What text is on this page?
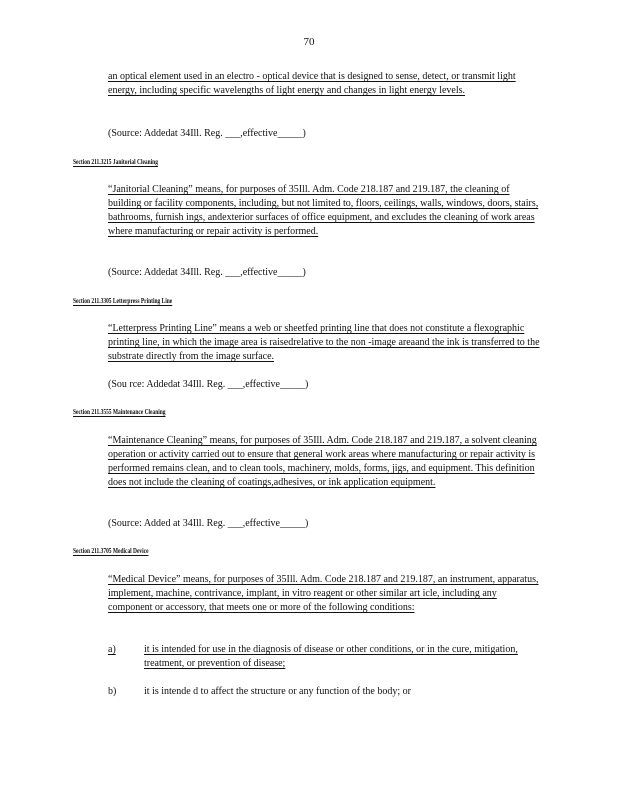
70
an optical element used in an electro - optical device that is designed to sense, detect, or transmit light energy, including specific wavelengths of light energy and changes in light energy levels.
(Source: Addedat 34Ill. Reg. ___,effective_____)
Section 211.3215 Janitorial Cleaning
“Janitorial Cleaning” means, for purposes of 35Ill. Adm. Code 218.187 and 219.187, the cleaning of building or facility components, including, but not limited to, floors, ceilings, walls, windows, doors, stairs, bathrooms, furnish ings, andexterior surfaces of office equipment, and excludes the cleaning of work areas where manufacturing or repair activity is performed.
(Source: Addedat 34Ill. Reg. ___,effective_____)
Section 211.3305 Letterpress Printing Line
“Letterpress Printing Line” means a web or sheetfed printing line that does not constitute a flexographic printing line, in which the image area is raisedrelative to the non -image areaand the ink is transferred to the substrate directly from the image surface.
(Sou rce: Addedat 34Ill. Reg. ___,effective_____)
Section 211.3555 Maintenance Cleaning
“Maintenance Cleaning” means, for purposes of 35Ill. Adm. Code 218.187 and 219.187, a solvent cleaning operation or activity carried out to ensure that general work areas where manufacturing or repair activity is performed remains clean, and to clean tools, machinery, molds, forms, jigs, and equipment. This definition does not include the cleaning of coatings,adhesives, or ink application equipment.
(Source: Added at 34Ill. Reg. ___,effective_____)
Section 211.3705 Medical Device
“Medical Device” means, for purposes of 35Ill. Adm. Code 218.187 and 219.187, an instrument, apparatus, implement, machine, contrivance, implant, in vitro reagent or other similar art icle, including any component or accessory, that meets one or more of the following conditions:
a)	it is intended for use in the diagnosis of disease or other conditions, or in the cure, mitigation, treatment, or prevention of disease;
b)	it is intende d to affect the structure or any function of the body; or
